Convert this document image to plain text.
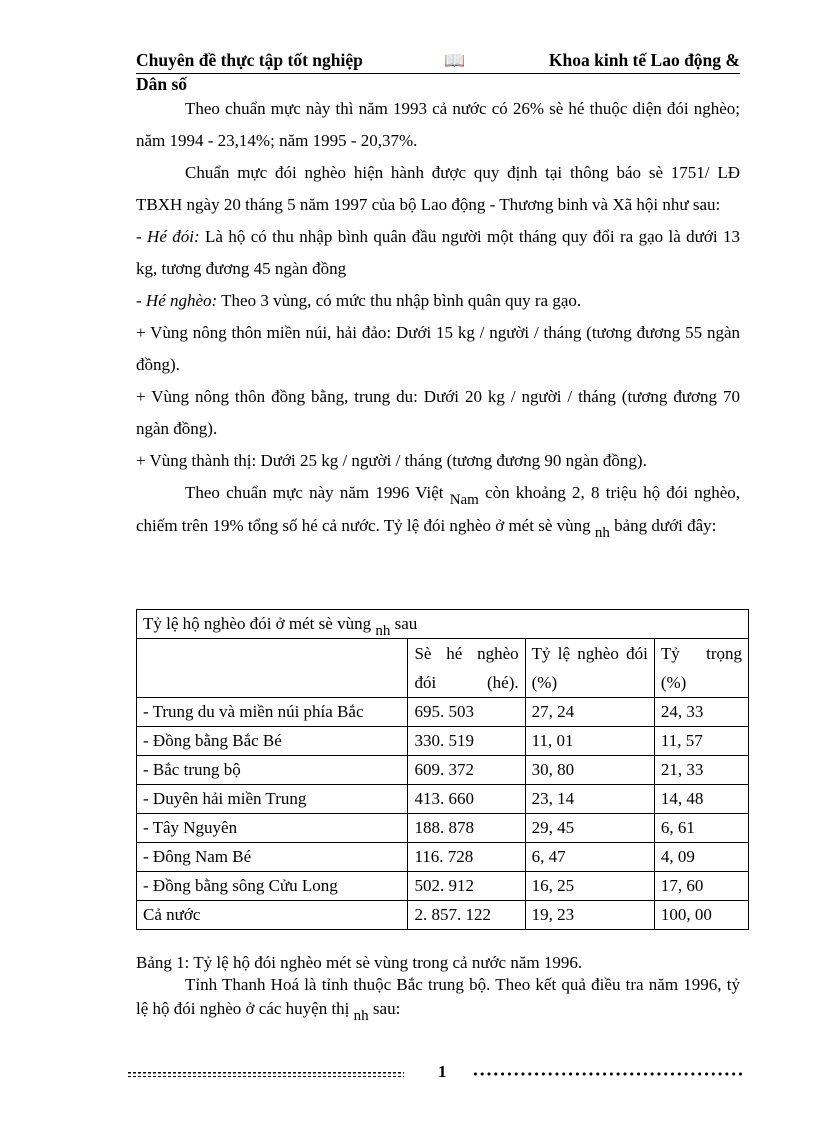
Chuyên đề thực tập tốt nghiệp	📖	Khoa kinh tế Lao động &
Dân số

Theo chuẩn mực này thì năm 1993 cả nước có 26% sè hé thuộc diện đói nghèo; năm 1994 - 23,14%; năm 1995 - 20,37%.

Chuẩn mực đói nghèo hiện hành được quy định tại thông báo sè 1751/ LĐ TBXH ngày 20 tháng 5 năm 1997 của bộ Lao động - Thương binh và Xã hội như sau:

- Hé đói: Là hộ có thu nhập bình quân đầu người một tháng quy đổi ra gạo là dưới 13 kg, tương đương 45 ngàn đồng

- Hé nghèo: Theo 3 vùng, có mức thu nhập bình quân quy ra gạo.

+ Vùng nông thôn miền núi, hải đảo: Dưới 15 kg / người / tháng (tương đương 55 ngàn đồng).

+ Vùng nông thôn đồng bằng, trung du: Dưới 20 kg / người / tháng (tương đương 70 ngàn đồng).

+ Vùng thành thị: Dưới 25 kg / người / tháng (tương đương 90 ngàn đồng).

Theo chuẩn mực này năm 1996 Việt Nam còn khoảng 2, 8 triệu hộ đói nghèo, chiếm trên 19% tổng số hé cả nước. Tỷ lệ đói nghèo ở mét sè vùng nh bảng dưới đây:

Tỷ lệ hộ nghèo đói ở mét sè vùng nh sau			

	Sè hé nghèo đói (hé).	Tỷ lệ nghèo đói (%)	Tỷ trọng (%)

- Trung du và miền núi phía Bắc	695. 503	27, 24	24, 33
- Đồng bằng Bắc Bé	330. 519	11, 01	11, 57
- Bắc trung bộ	609. 372	30, 80	21, 33
- Duyên hải miền Trung	413. 660	23, 14	14, 48
- Tây Nguyên	188. 878	29, 45	6, 61
- Đông Nam Bé	116. 728	6, 47	4, 09
- Đồng bằng sông Cửu Long	502. 912	16, 25	17, 60
Cả nước	2. 857. 122	19, 23	100, 00
Bảng 1: Tỷ lệ hộ đói nghèo mét sè vùng trong cả nước năm 1996.

Tỉnh Thanh Hoá là tỉnh thuộc Bắc trung bộ. Theo kết quả điều tra năm 1996, tỷ lệ hộ đói nghèo ở các huyện thị nh sau:

1
